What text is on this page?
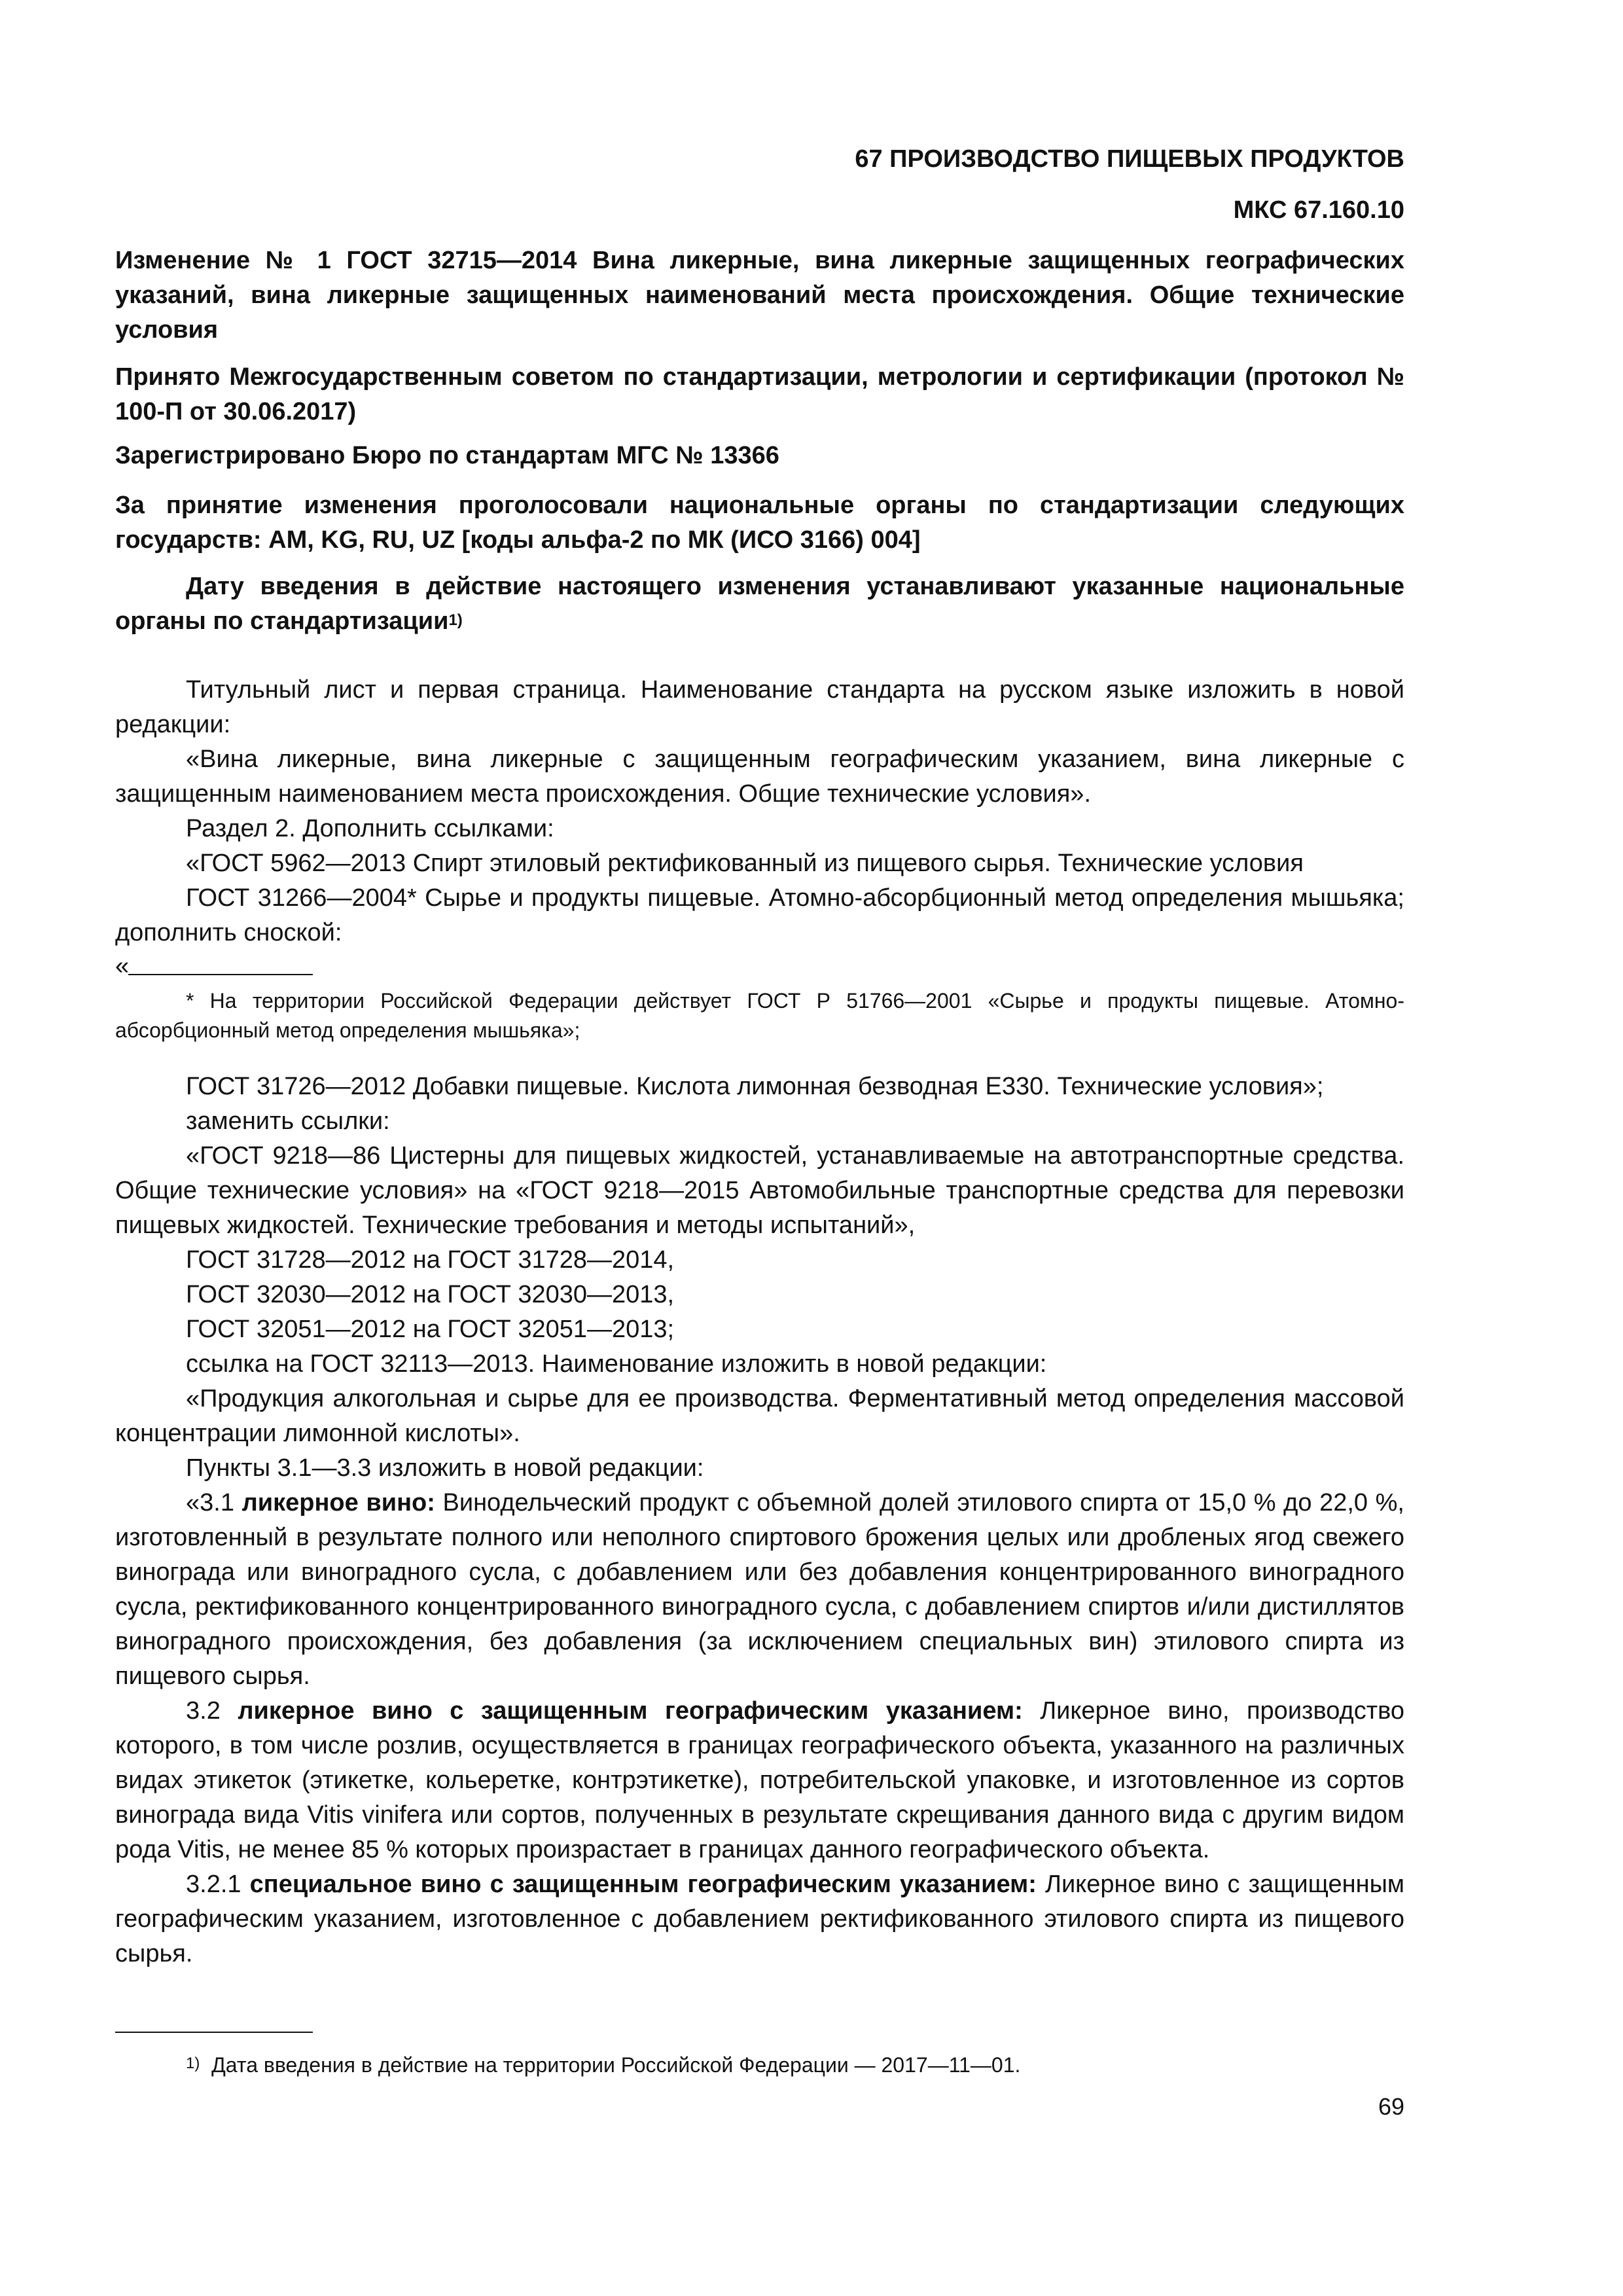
67 ПРОИЗВОДСТВО ПИЩЕВЫХ ПРОДУКТОВ
МКС 67.160.10
Изменение № 1 ГОСТ 32715—2014 Вина ликерные, вина ликерные защищенных географических указаний, вина ликерные защищенных наименований места происхождения. Общие технические условия
Принято Межгосударственным советом по стандартизации, метрологии и сертификации (протокол № 100-П от 30.06.2017)
Зарегистрировано Бюро по стандартам МГС № 13366
За принятие изменения проголосовали национальные органы по стандартизации следующих государств: AM, KG, RU, UZ [коды альфа-2 по МК (ИСО 3166) 004]
Дату введения в действие настоящего изменения устанавливают указанные национальные органы по стандартизации$^{1)}$

Титульный лист и первая страница. Наименование стандарта на русском языке изложить в новой редакции:

«Вина ликерные, вина ликерные с защищенным географическим указанием, вина ликерные с защищенным наименованием места происхождения. Общие технические условия».

Раздел 2. Дополнить ссылками:

«ГОСТ 5962—2013 Спирт этиловый ректификованный из пищевого сырья. Технические условия

ГОСТ 31266—2004* Сырье и продукты пищевые. Атомно-абсорбционный метод определения мышьяка; дополнить сноской:

«
* На территории Российской Федерации действует ГОСТ Р 51766—2001 «Сырье и продукты пищевые. Атомно-абсорбционный метод определения мышьяка»;

ГОСТ 31726—2012 Добавки пищевые. Кислота лимонная безводная Е330. Технические условия»;

заменить ссылки:

«ГОСТ 9218—86 Цистерны для пищевых жидкостей, устанавливаемые на автотранспортные средства. Общие технические условия» на «ГОСТ 9218—2015 Автомобильные транспортные средства для перевозки пищевых жидкостей. Технические требования и методы испытаний»,

ГОСТ 31728—2012 на ГОСТ 31728—2014,

ГОСТ 32030—2012 на ГОСТ 32030—2013,

ГОСТ 32051—2012 на ГОСТ 32051—2013;

ссылка на ГОСТ 32113—2013. Наименование изложить в новой редакции:

«Продукция алкогольная и сырье для ее производства. Ферментативный метод определения массовой концентрации лимонной кислоты».

Пункты 3.1—3.3 изложить в новой редакции:

«3.1 ликерное вино: Винодельческий продукт с объемной долей этилового спирта от 15,0 % до 22,0 %, изготовленный в результате полного или неполного спиртового брожения целых или дробленых ягод свежего винограда или виноградного сусла, с добавлением или без добавления концентрированного виноградного сусла, ректификованного концентрированного виноградного сусла, с добавлением спиртов и/или дистиллятов виноградного происхождения, без добавления (за исключением специальных вин) этилового спирта из пищевого сырья.

3.2 ликерное вино с защищенным географическим указанием: Ликерное вино, производство которого, в том числе розлив, осуществляется в границах географического объекта, указанного на различных видах этикеток (этикетке, кольеретке, контрэтикетке), потребительской упаковке, и изготовленное из сортов винограда вида Vitis vinifera или сортов, полученных в результате скрещивания данного вида с другим видом рода Vitis, не менее 85 % которых произрастает в границах данного географического объекта.

3.2.1 специальное вино с защищенным географическим указанием: Ликерное вино с защищенным географическим указанием, изготовленное с добавлением ректификованного этилового спирта из пищевого сырья.

$^{1)}$ Дата введения в действие на территории Российской Федерации — 2017—11—01.
69
